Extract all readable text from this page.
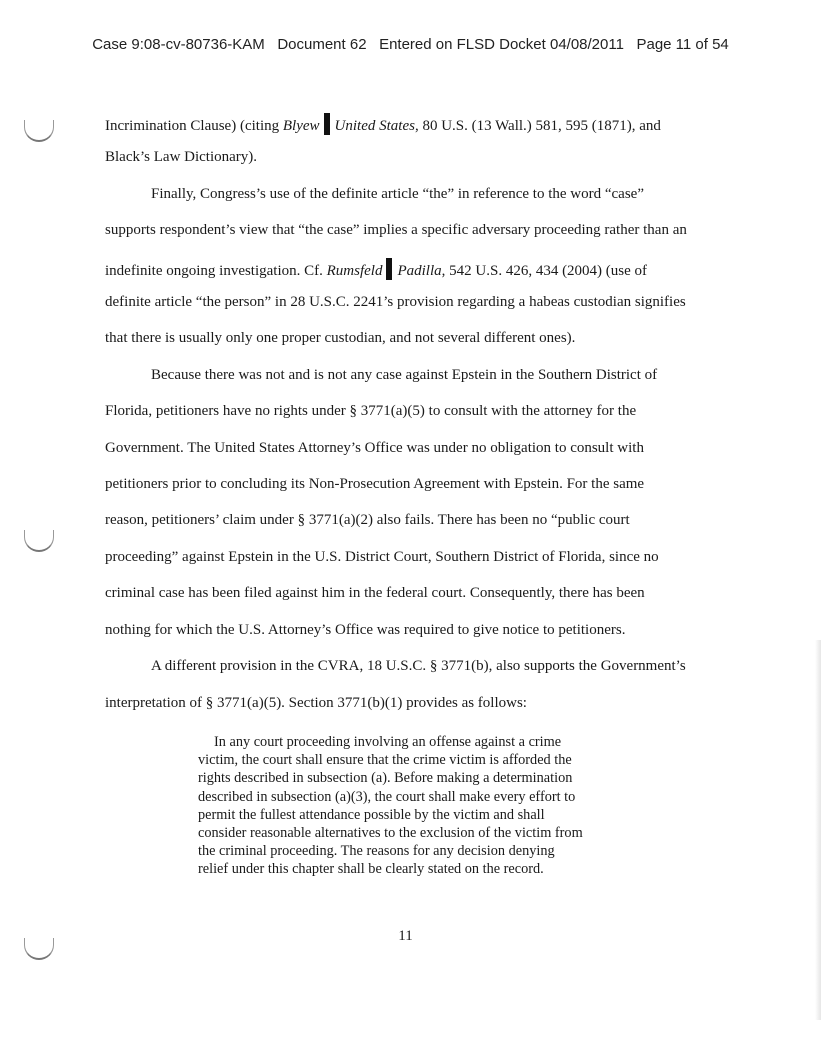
Case 9:08-cv-80736-KAM Document 62 Entered on FLSD Docket 04/08/2011 Page 11 of 54
Incrimination Clause) (citing Blyew United States, 80 U.S. (13 Wall.) 581, 595 (1871), and
Black’s Law Dictionary).
Finally, Congress’s use of the definite article “the” in reference to the word “case”
supports respondent’s view that “the case” implies a specific adversary proceeding rather than an
indefinite ongoing investigation. Cf. Rumsfeld Padilla, 542 U.S. 426, 434 (2004) (use of
definite article “the person” in 28 U.S.C. 2241’s provision regarding a habeas custodian signifies
that there is usually only one proper custodian, and not several different ones).
Because there was not and is not any case against Epstein in the Southern District of
Florida, petitioners have no rights under § 3771(a)(5) to consult with the attorney for the
Government. The United States Attorney’s Office was under no obligation to consult with
petitioners prior to concluding its Non-Prosecution Agreement with Epstein. For the same
reason, petitioners’ claim under § 3771(a)(2) also fails. There has been no “public court
proceeding” against Epstein in the U.S. District Court, Southern District of Florida, since no
criminal case has been filed against him in the federal court. Consequently, there has been
nothing for which the U.S. Attorney’s Office was required to give notice to petitioners.
A different provision in the CVRA, 18 U.S.C. § 3771(b), also supports the Government’s
interpretation of § 3771(a)(5). Section 3771(b)(1) provides as follows:
In any court proceeding involving an offense against a crime
victim, the court shall ensure that the crime victim is afforded the
rights described in subsection (a). Before making a determination
described in subsection (a)(3), the court shall make every effort to
permit the fullest attendance possible by the victim and shall
consider reasonable alternatives to the exclusion of the victim from
the criminal proceeding. The reasons for any decision denying
relief under this chapter shall be clearly stated on the record.
11
